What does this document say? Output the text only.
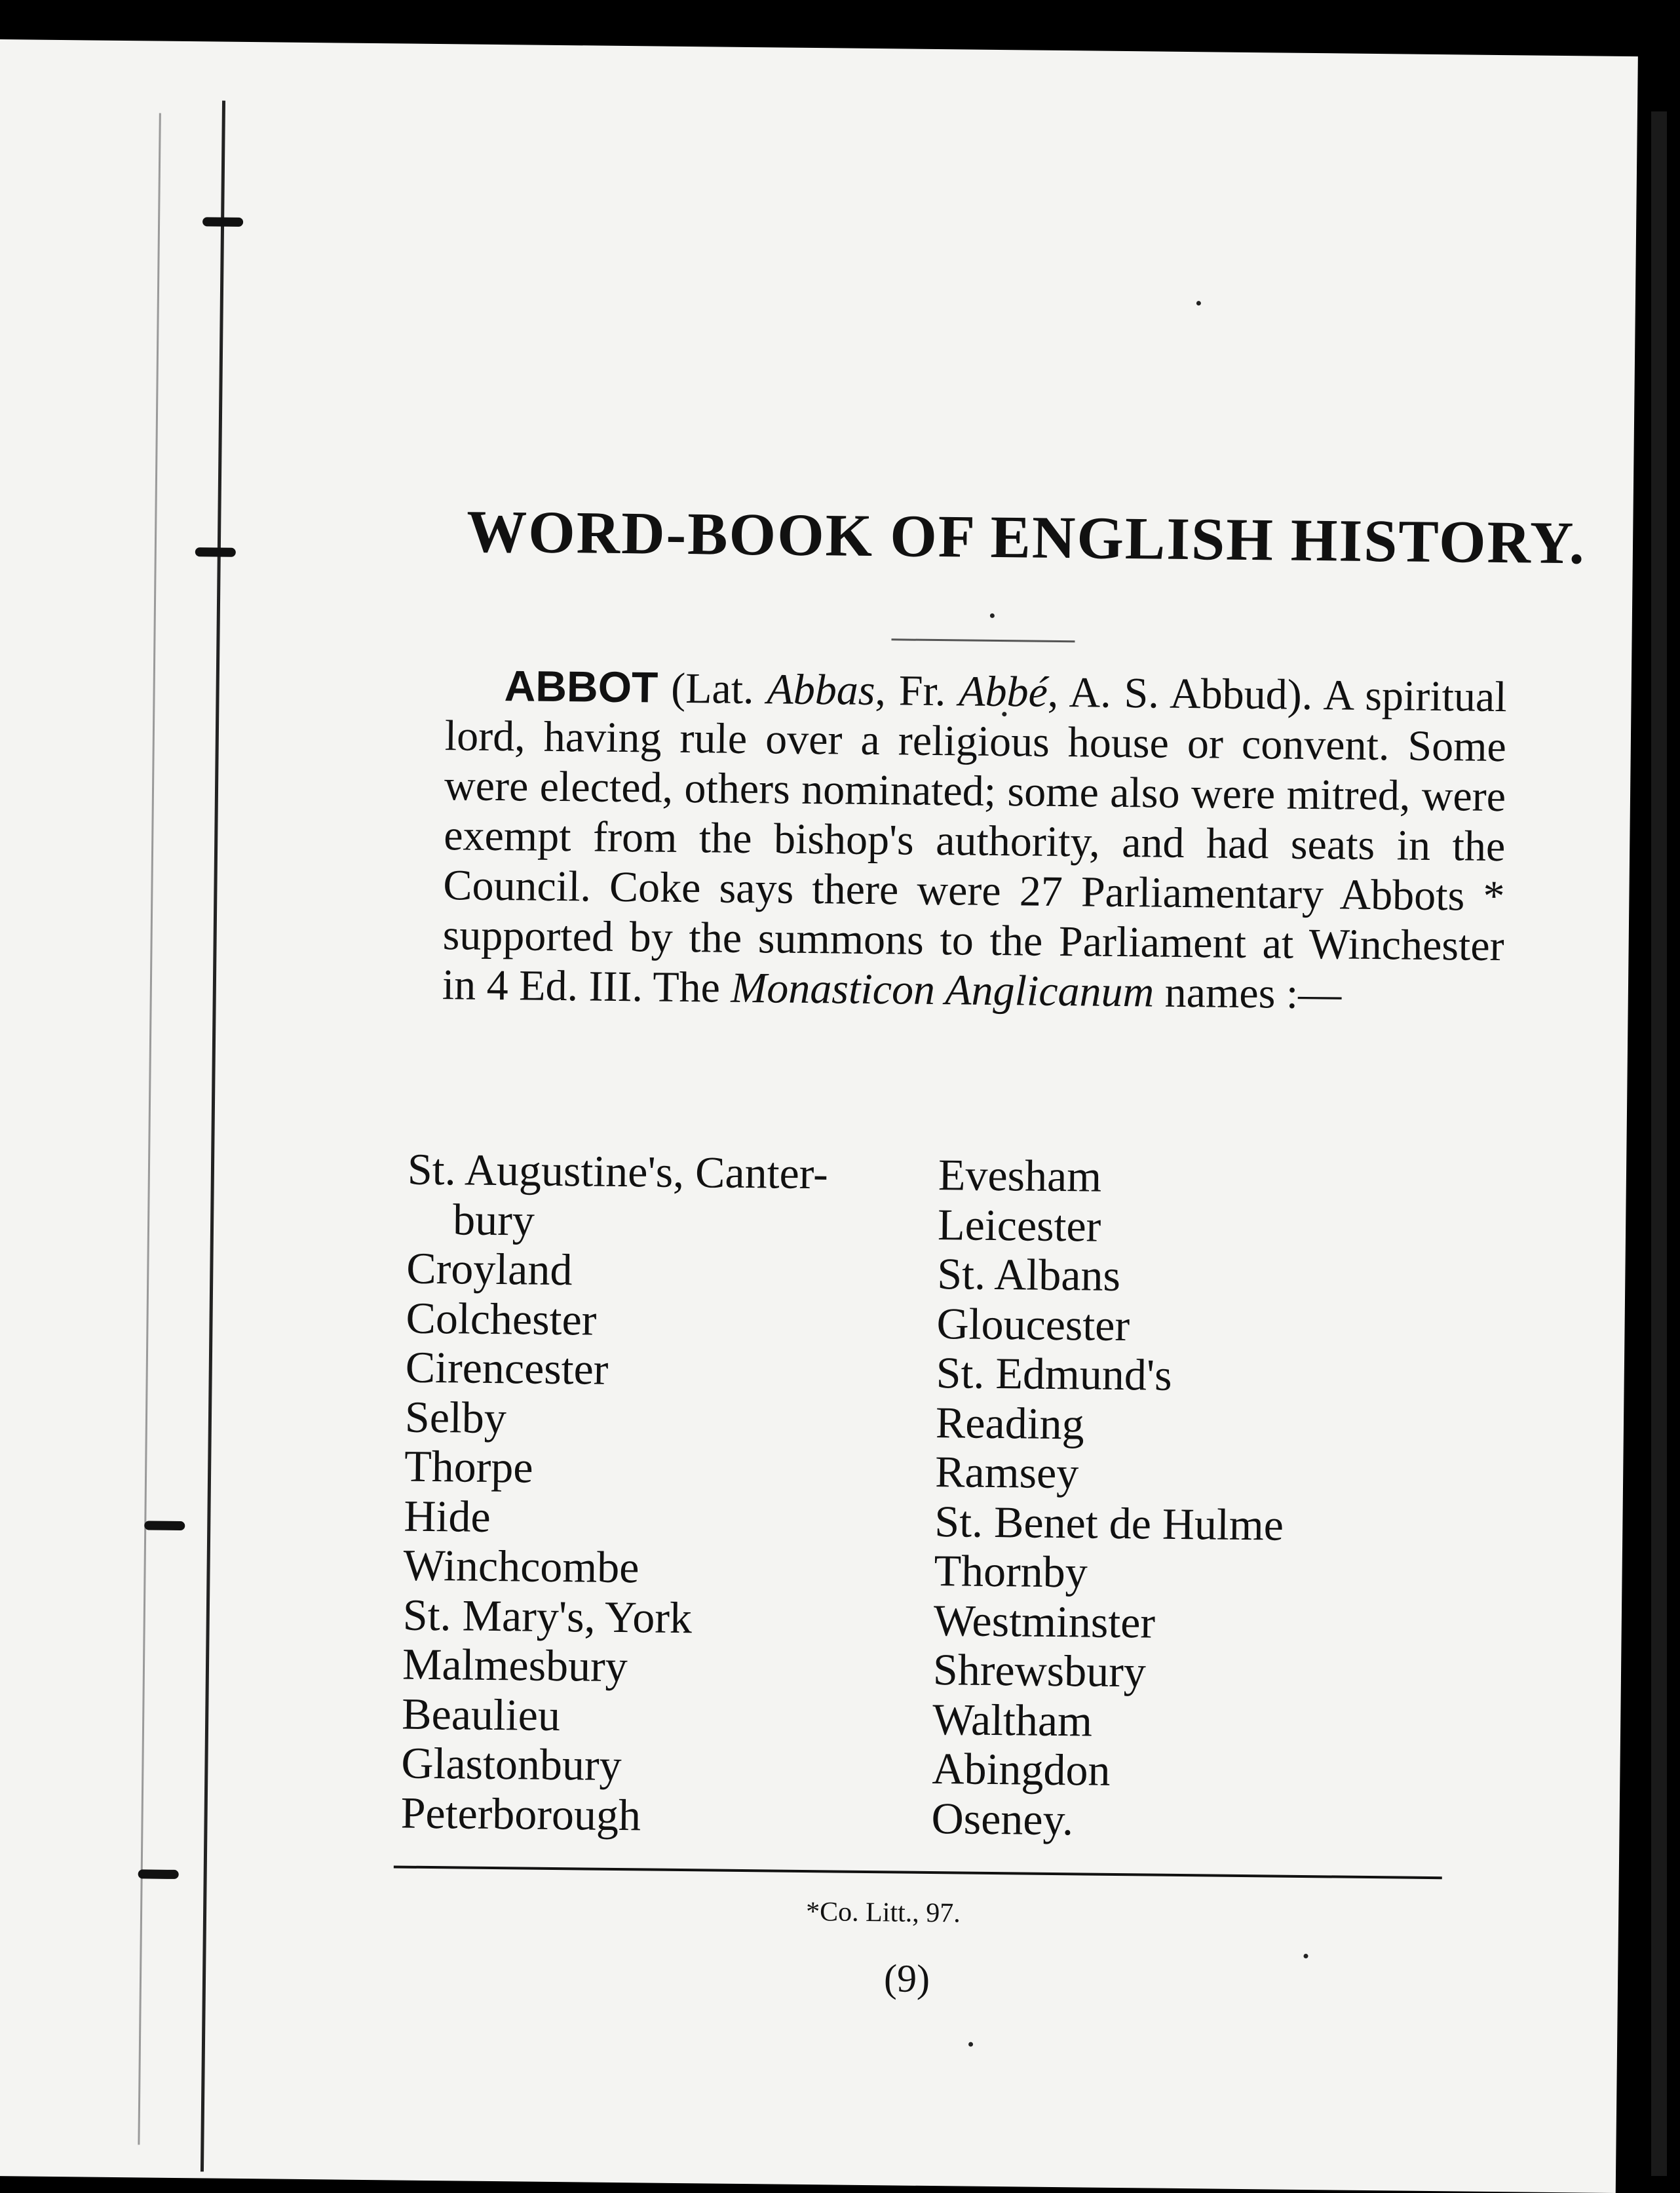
WORD-BOOK OF ENGLISH HISTORY.

ABBOT (Lat. Abbas, Fr. Abbé, A. S. Abbud). A spiritual lord, having rule over a religious house or convent. Some were elected, others nominated; some also were mitred, were exempt from the bishop's authority, and had seats in the Council. Coke says there were 27 Parliamentary Abbots * supported by the summons to the Parliament at Winchester in 4 Ed. III. The Monasticon Anglicanum names :—

St. Augustine's, Canter-
bury
Croyland
Colchester
Cirencester
Selby
Thorpe
Hide
Winchcombe
St. Mary's, York
Malmesbury
Beaulieu
Glastonbury
Peterborough
Evesham
Leicester
St. Albans
Gloucester
St. Edmund's
Reading
Ramsey
St. Benet de Hulme
Thornby
Westminster
Shrewsbury
Waltham
Abingdon
Oseney.
*Co. Litt., 97.
(9)
